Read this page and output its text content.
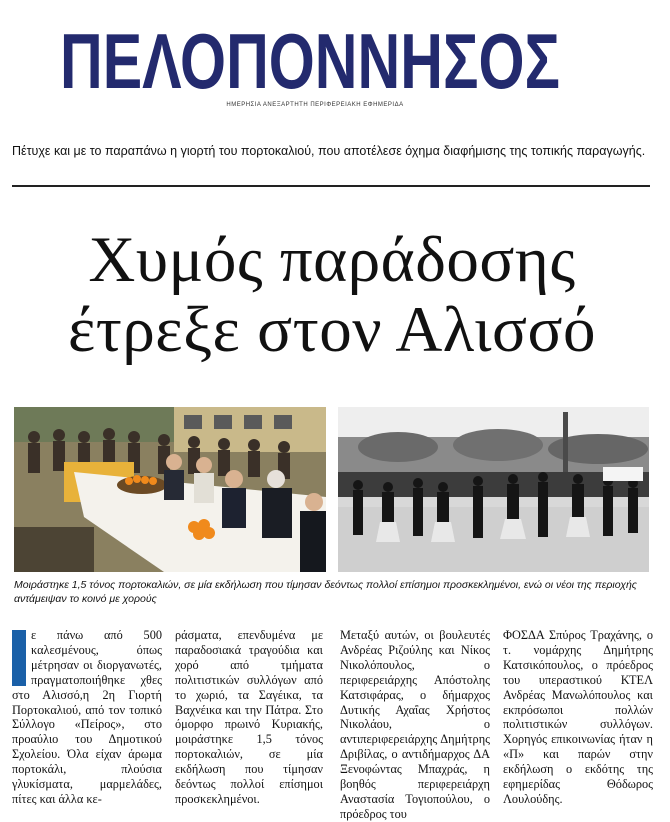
ΠΕΛΟΠΟΝΝΗΣΟΣ
ΗΜΕΡΗΣΙΑ ΑΝΕΞΑΡΤΗΤΗ ΠΕΡΙΦΕΡΕΙΑΚΗ ΕΦΗΜΕΡΙΔΑ
Πέτυχε και με το παραπάνω η γιορτή του πορτοκαλιού, που αποτέλεσε όχημα διαφήμισης της τοπικής παραγωγής.
Χυμός παράδοσης
έτρεξε στον Αλισσό
Μοιράστηκε 1,5 τόνος πορτοκαλιών, σε μία εκδήλωση που τίμησαν δεόντως πολλοί επίσημοι προσκεκλημένοι, ενώ οι νέοι της περιοχής αντάμειψαν το κοινό με χορούς

ε πάνω από 500 καλεσμένους, όπως μέτρησαν οι διοργανωτές, πραγματοποιήθηκε χθες στο Αλισσό,η 2η Γιορτή Πορτοκαλιού, από τον τοπικό Σύλλογο «Πείρος», στο προαύλιο του Δημοτικού Σχολείου. Όλα είχαν άρωμα πορτοκάλι, πλούσια γλυκίσματα, μαρμελάδες, πίτες και άλλα κε-

ράσματα, επενδυμένα με παραδοσιακά τραγούδια και χορό από τμήματα πολιτιστικών συλλόγων από το χωριό, τα Σαγέικα, τα Βαχνέικα και την Πάτρα. Στο όμορφο πρωινό Κυριακής, μοιράστηκε 1,5 τόνος πορτοκαλιών, σε μία εκδήλωση που τίμησαν δεόντως πολλοί επίσημοι προσκεκλημένοι.

Μεταξύ αυτών, οι βουλευτές Ανδρέας Ριζούλης και Νίκος Νικολόπουλος, ο περιφερειάρχης Απόστολης Κατσιφάρας, ο δήμαρχος Δυτικής Αχαΐας Χρήστος Νικολάου, ο αντιπεριφερειάρχης Δημήτρης Δριβίλας, ο αντιδήμαρχος ΔΑ Ξενοφώντας Μπαχράς, η βοηθός περιφερειάρχη Αναστασία Τογιοπούλου, ο πρόεδρος του

ΦΟΣΔΑ Σπύρος Τραχάνης, ο τ. νομάρχης Δημήτρης Κατσικόπουλος, ο πρόεδρος του υπεραστικού ΚΤΕΛ Ανδρέας Μανωλόπουλος και εκπρόσωποι πολλών πολιτιστικών συλλόγων. Χορηγός επικοινωνίας ήταν η «Π» και παρών στην εκδήλωση ο εκδότης της εφημερίδας Θόδωρος Λουλούδης.
